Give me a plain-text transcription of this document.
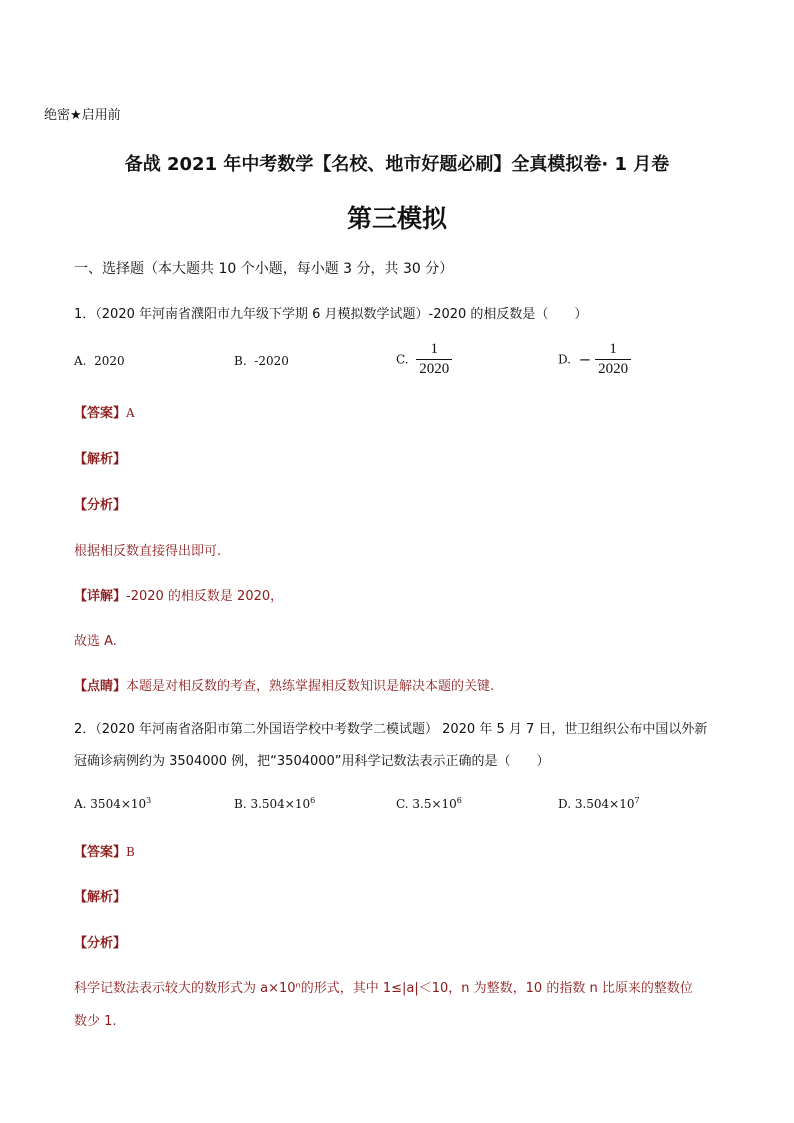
绝密★启用前
备战 2021 年中考数学【名校、地市好题必刷】全真模拟卷· 1 月卷
第三模拟
一、选择题（本大题共 10 个小题，每小题 3 分，共 30 分）
1．（2020 年河南省濮阳市九年级下学期 6 月模拟数学试题）-2020 的相反数是（　　）
A. 2020	B. -2020	C. $\frac{1}{2020}$	D. − $\frac{1}{2020}$
【答案】A
【解析】
【分析】
根据相反数直接得出即可.
【详解】-2020 的相反数是 2020，
故选 A.
【点睛】本题是对相反数的考查，熟练掌握相反数知识是解决本题的关键.
2．（2020 年河南省洛阳市第二外国语学校中考数学二模试题） 2020 年 5 月 7 日，世卫组织公布中国以外新
冠确诊病例约为 3504000 例，把“3504000”用科学记数法表示正确的是（　　）
A. $3504\times 10^3$	B. $3.504\times 10^6$	C. $3.5\times 10^6$	D. $3.504\times 10^7$
【答案】B
【解析】
【分析】
科学记数法表示较大的数形式为 a×10ⁿ的形式，其中 1≤|a|＜10，n 为整数，10 的指数 n 比原来的整数位
数少 1.
